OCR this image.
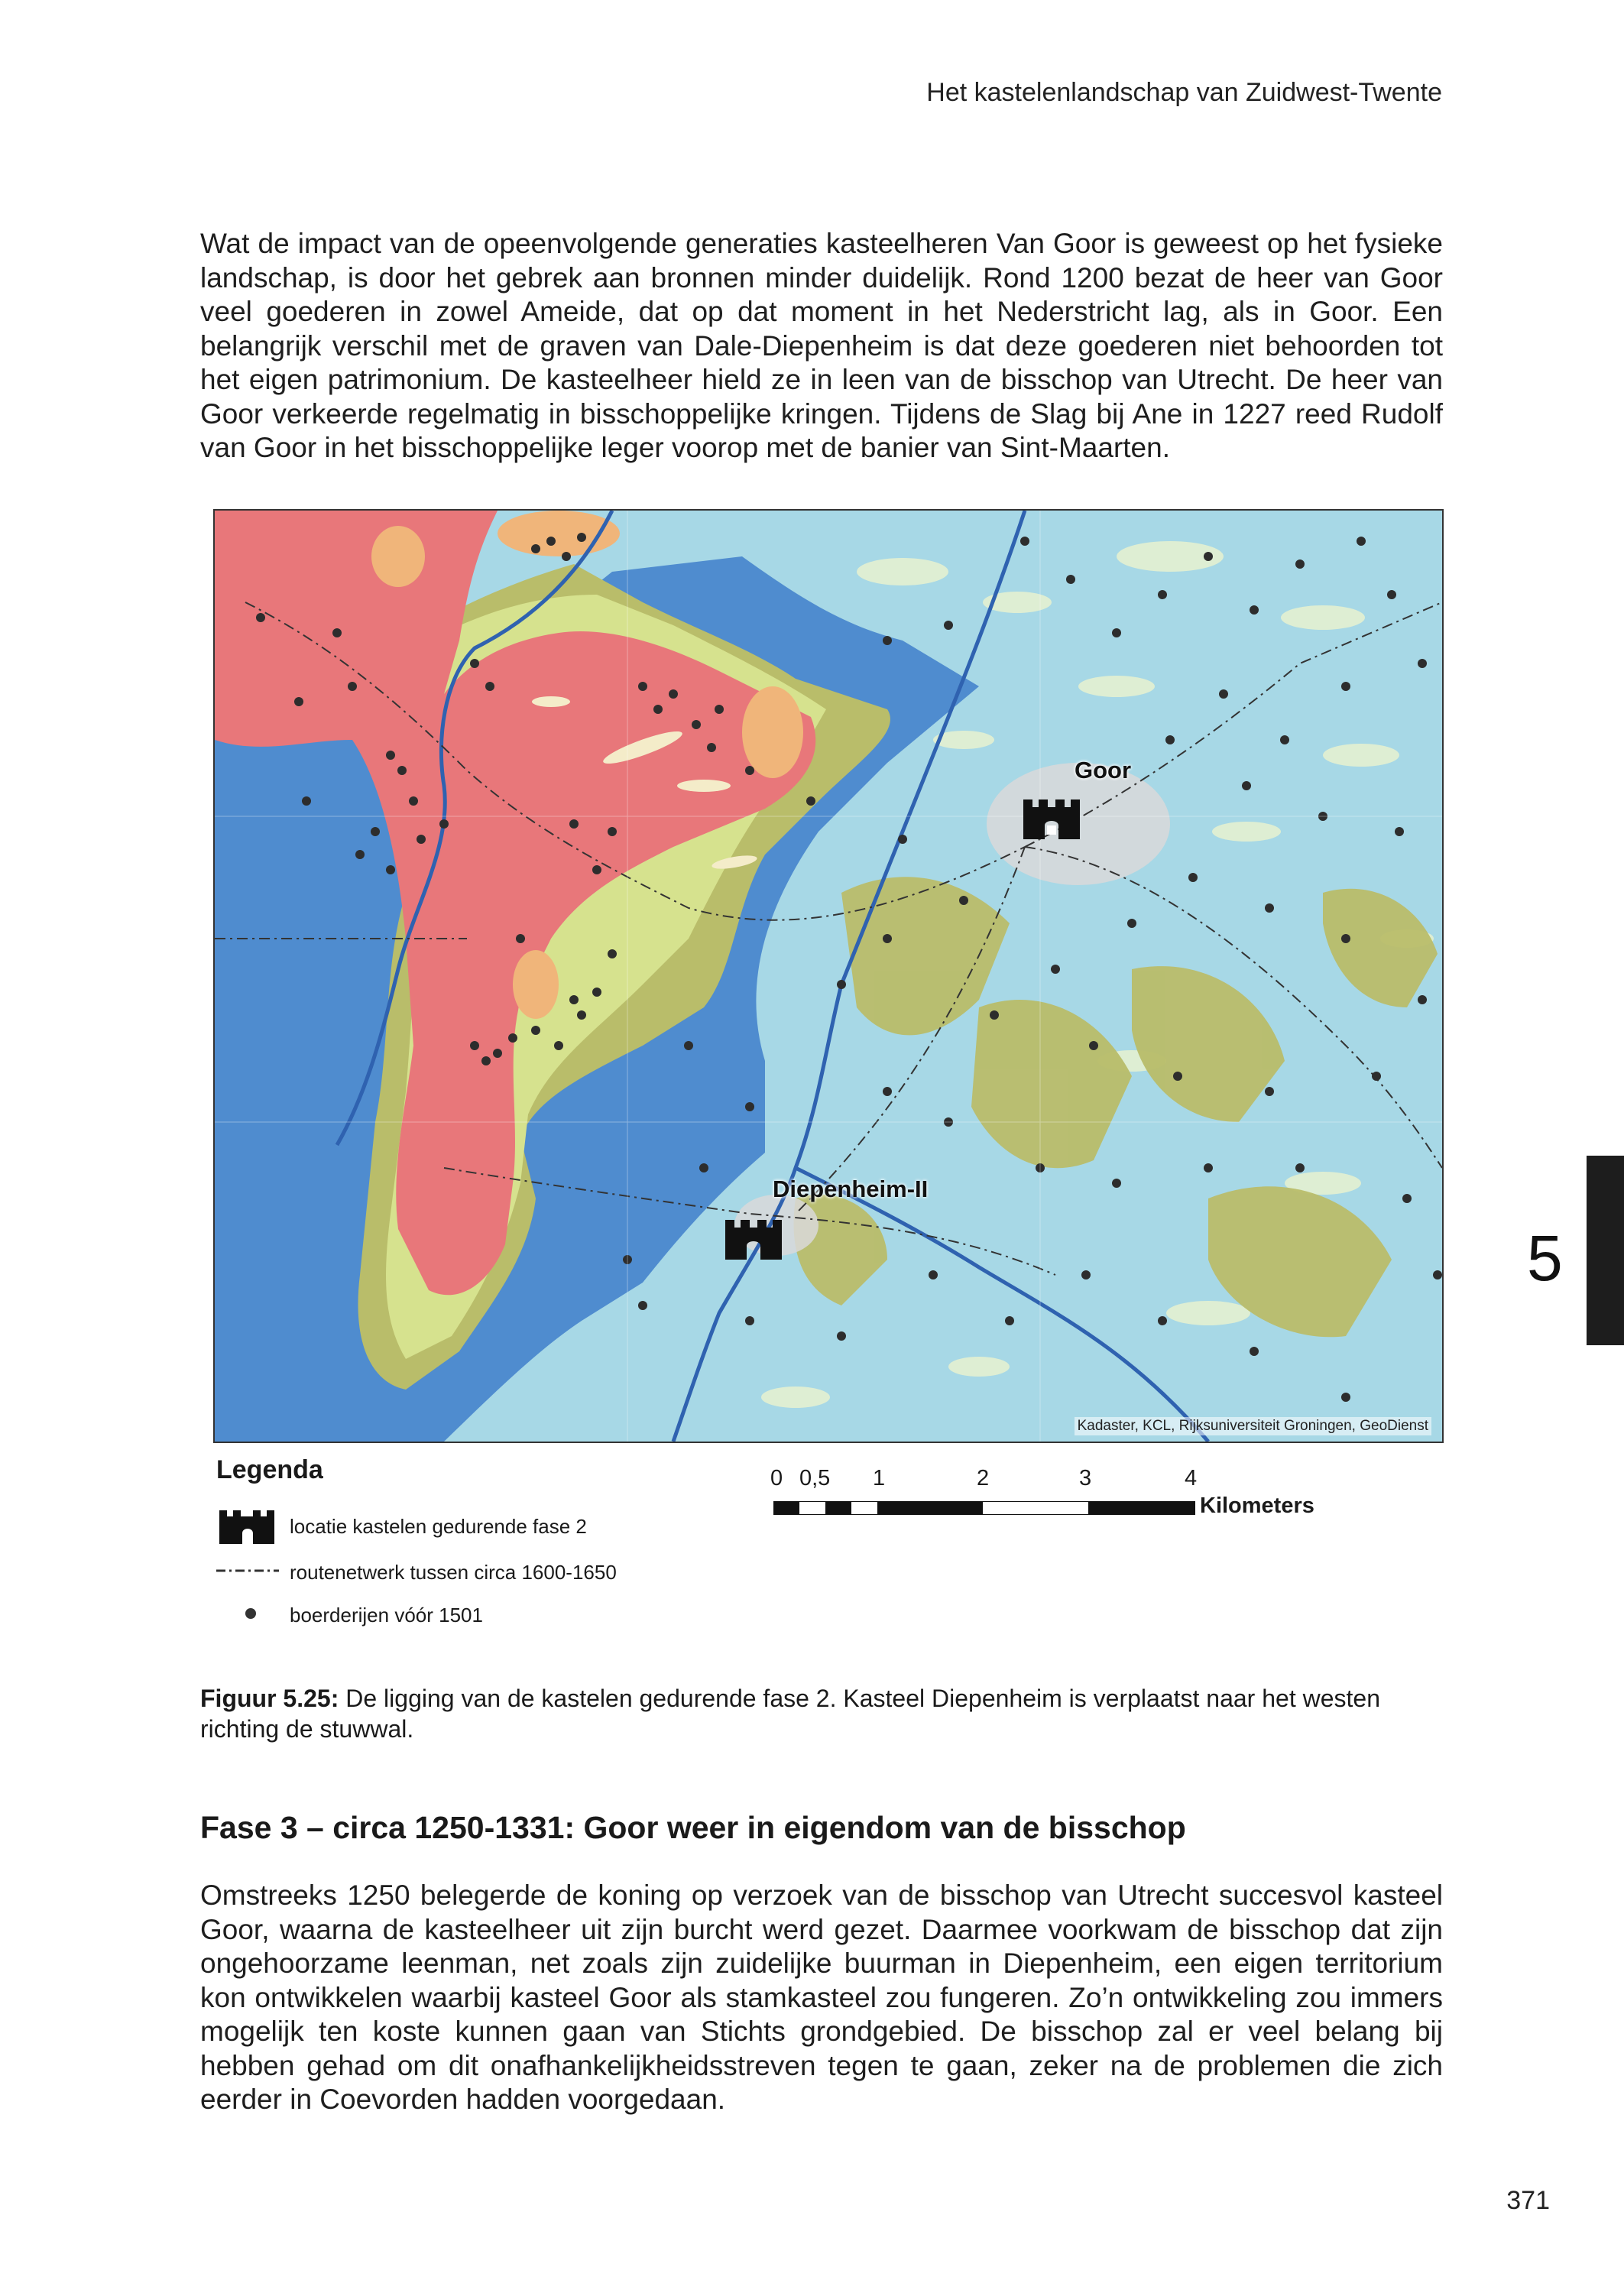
Het kastelenlandschap van Zuidwest-Twente

Wat de impact van de opeenvolgende generaties kasteelheren Van Goor is geweest op het fysieke landschap, is door het gebrek aan bronnen minder duidelijk. Rond 1200 bezat de heer van Goor veel goederen in zowel Ameide, dat op dat moment in het Nederstricht lag, als in Goor. Een belangrijk verschil met de graven van Dale-Diepenheim is dat deze goederen niet behoorden tot het eigen patrimonium. De kasteelheer hield ze in leen van de bisschop van Utrecht. De heer van Goor verkeerde regelmatig in bisschoppelijke kringen. Tijdens de Slag bij Ane in 1227 reed Rudolf van Goor in het bisschoppelijke leger voorop met de banier van Sint-Maarten.

Goor
Diepenheim-II
Kadaster, KCL, Rijksuniversiteit Groningen, GeoDienst
Legenda
locatie kastelen gedurende fase 2
routenetwerk tussen circa 1600-1650
boerderijen vóór 1501
0 0,5 1	2	3	4
Kilometers
Figuur 5.25: De ligging van de kastelen gedurende fase 2. Kasteel Diepenheim is verplaatst naar het westen richting de stuwwal.
Fase 3 – circa 1250-1331: Goor weer in eigendom van de bisschop

Omstreeks 1250 belegerde de koning op verzoek van de bisschop van Utrecht succesvol kasteel Goor, waarna de kasteelheer uit zijn burcht werd gezet. Daarmee voorkwam de bisschop dat zijn ongehoorzame leenman, net zoals zijn zuidelijke buurman in Diepenheim, een eigen territorium kon ontwikkelen waarbij kasteel Goor als stamkasteel zou fungeren. Zo’n ontwikkeling zou immers mogelijk ten koste kunnen gaan van Stichts grondgebied. De bisschop zal er veel belang bij hebben gehad om dit onafhankelijkheidsstreven tegen te gaan, zeker na de problemen die zich eerder in Coevorden hadden voorgedaan.

5
371
